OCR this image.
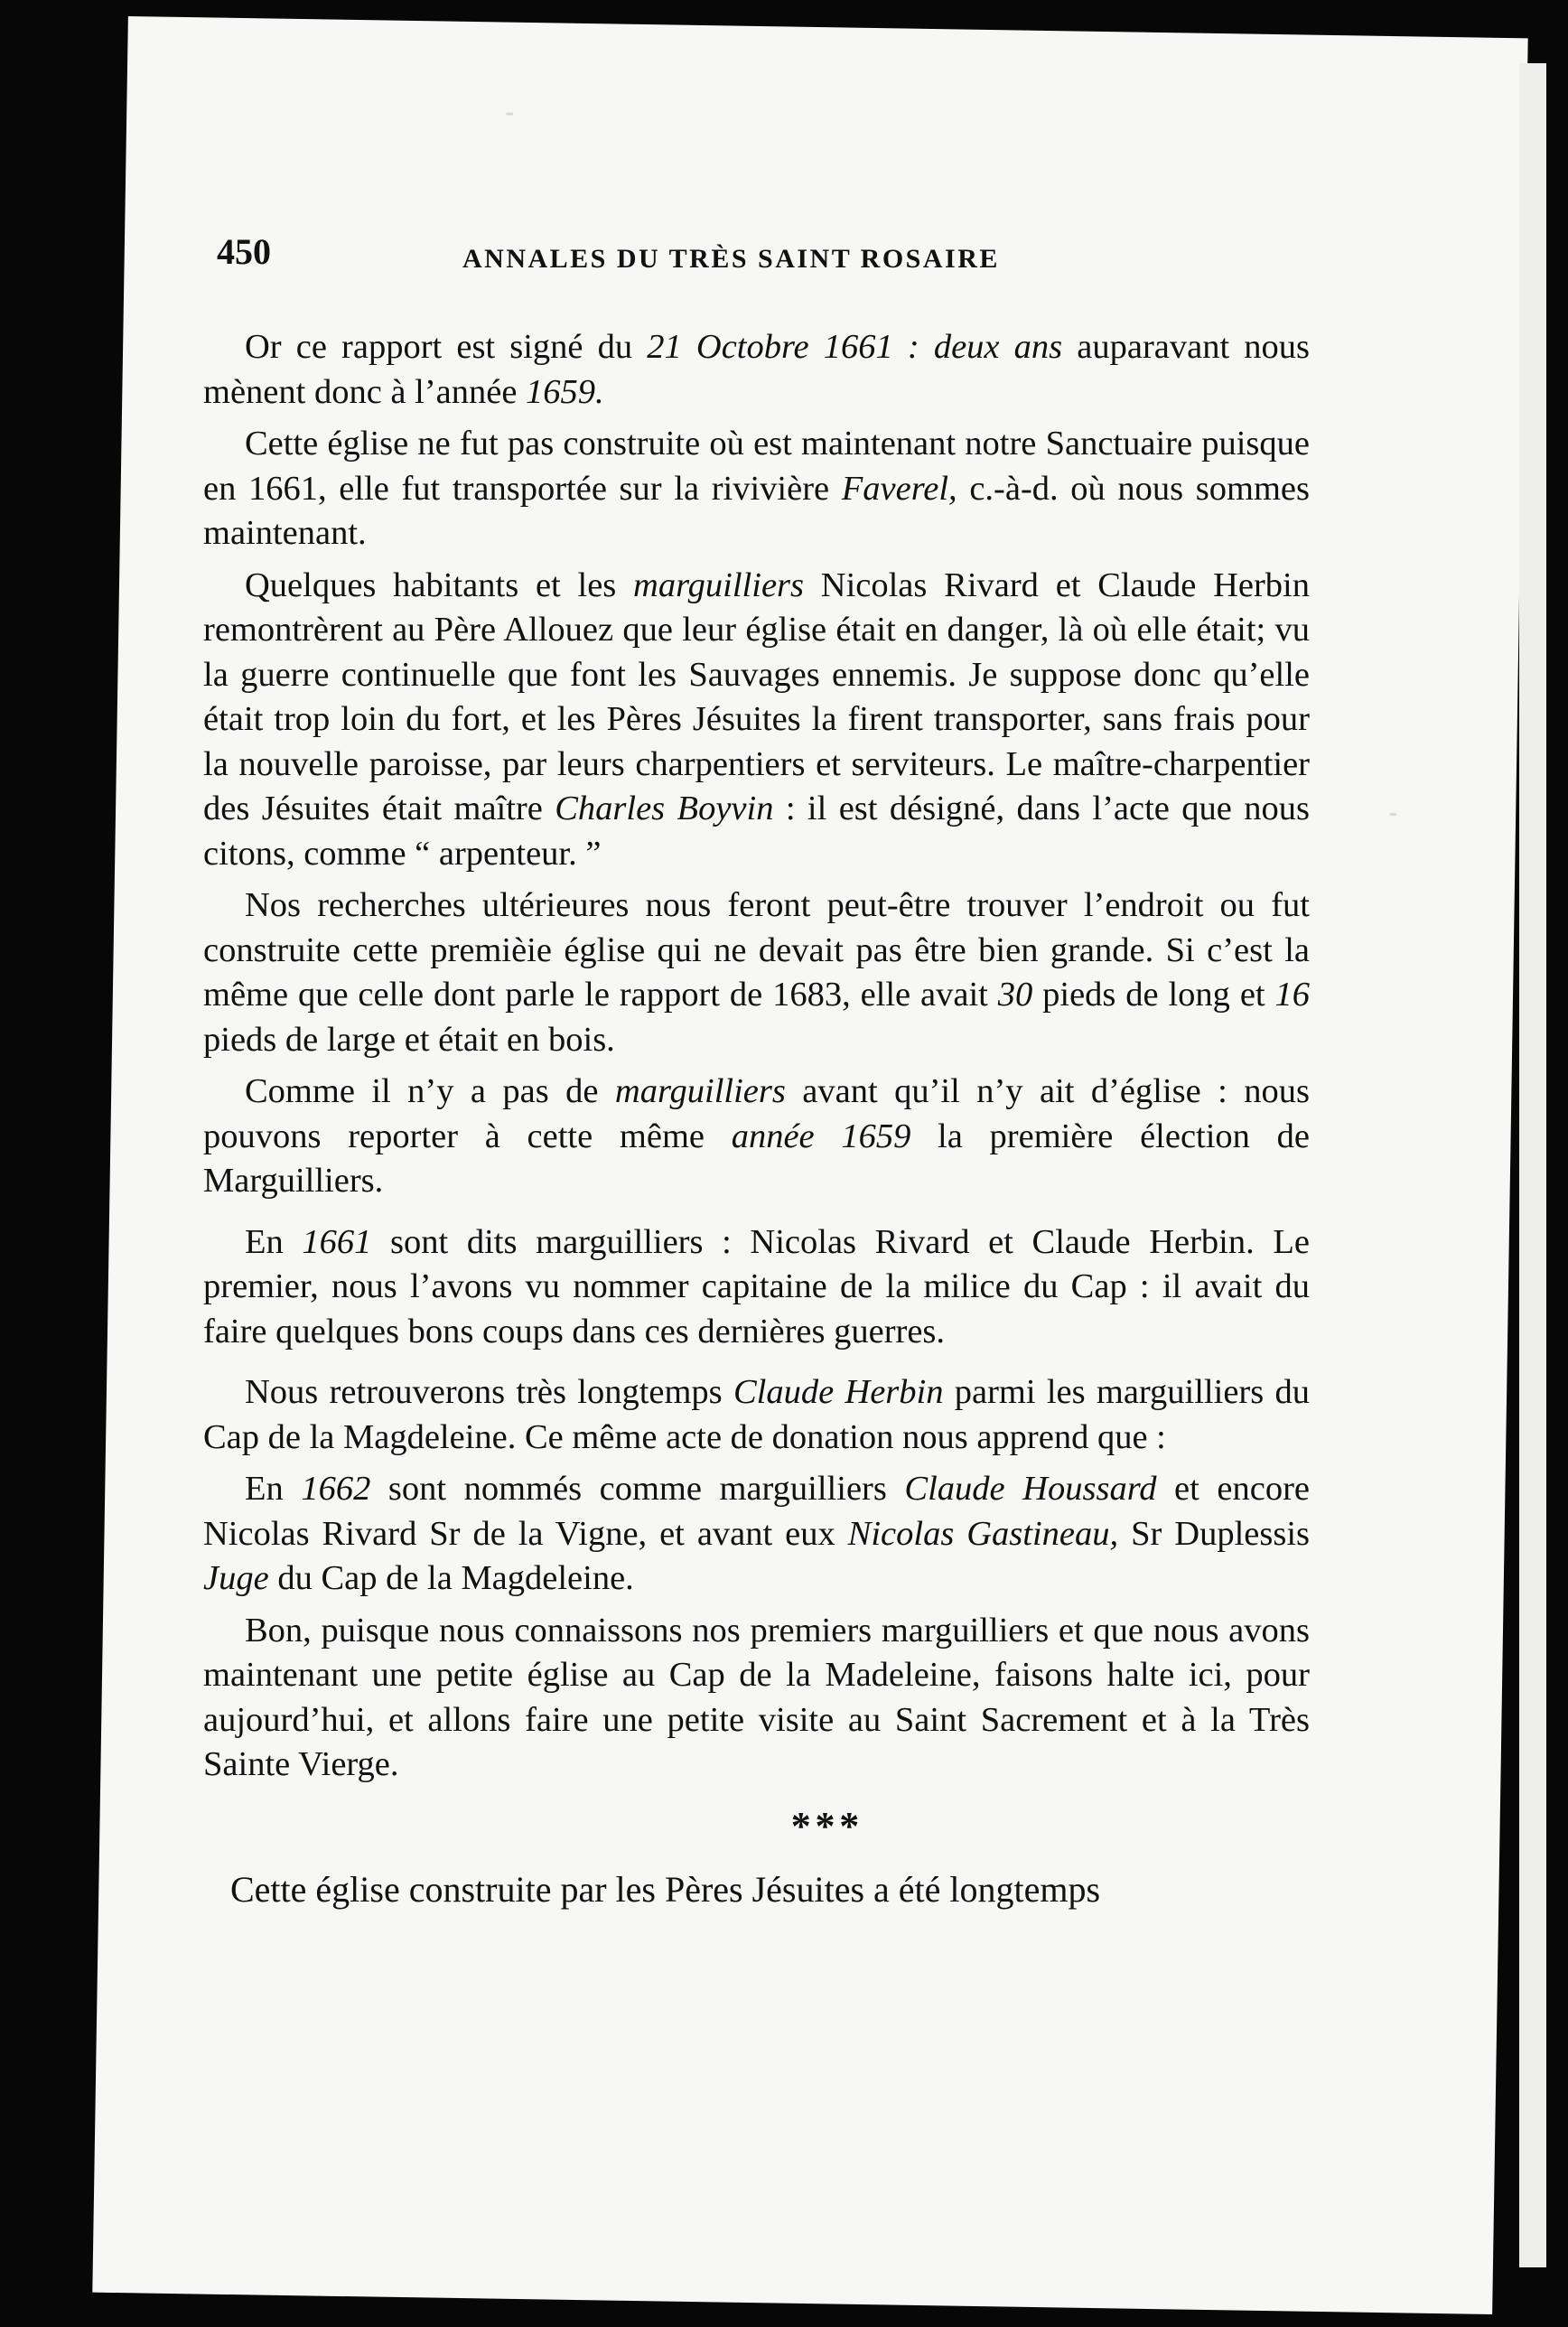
450	ANNALES DU TRÈS SAINT ROSAIRE

Or ce rapport est signé du 21 Octobre 1661 : deux ans auparavant nous mènent donc à l’année 1659.

Cette église ne fut pas construite où est maintenant notre Sanctuaire puisque en 1661, elle fut transportée sur la rivivière Faverel, c.-à-d. où nous sommes maintenant.

Quelques habitants et les marguilliers Nicolas Rivard et Claude Herbin remontrèrent au Père Allouez que leur église était en danger, là où elle était; vu la guerre continuelle que font les Sauvages ennemis. Je suppose donc qu’elle était trop loin du fort, et les Pères Jésuites la firent transporter, sans frais pour la nouvelle paroisse, par leurs charpentiers et serviteurs. Le maître-charpentier des Jésuites était maître Charles Boyvin : il est désigné, dans l’acte que nous citons, comme “ arpenteur. ”

Nos recherches ultérieures nous feront peut-être trouver l’endroit ou fut construite cette premièie église qui ne devait pas être bien grande. Si c’est la même que celle dont parle le rapport de 1683, elle avait 30 pieds de long et 16 pieds de large et était en bois.

Comme il n’y a pas de marguilliers avant qu’il n’y ait d’église : nous pouvons reporter à cette même année 1659 la première élection de Marguilliers.

En 1661 sont dits marguilliers : Nicolas Rivard et Claude Herbin. Le premier, nous l’avons vu nommer capitaine de la milice du Cap : il avait du faire quelques bons coups dans ces dernières guerres.

Nous retrouverons très longtemps Claude Herbin parmi les marguilliers du Cap de la Magdeleine. Ce même acte de donation nous apprend que :

En 1662 sont nommés comme marguilliers Claude Houssard et encore Nicolas Rivard Sr de la Vigne, et avant eux Nicolas Gastineau, Sr Duplessis Juge du Cap de la Magdeleine.

Bon, puisque nous connaissons nos premiers marguilliers et que nous avons maintenant une petite église au Cap de la Madeleine, faisons halte ici, pour aujourd’hui, et allons faire une petite visite au Saint Sacrement et à la Très Sainte Vierge.

* * *

Cette église construite par les Pères Jésuites a été longtemps
